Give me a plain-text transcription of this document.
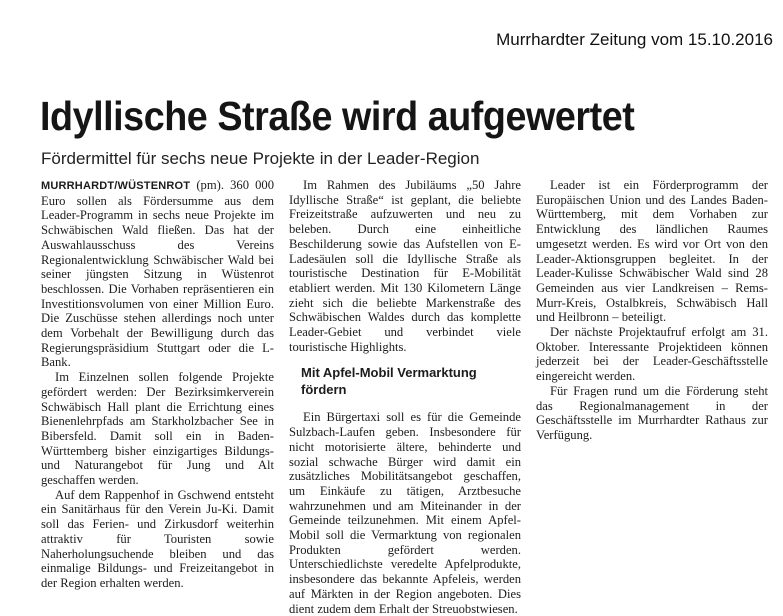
Murrhardter Zeitung vom 15.10.2016
Idyllische Straße wird aufgewertet
Fördermittel für sechs neue Projekte in der Leader-Region

MURRHARDT/WÜSTENROT (pm). 360 000 Euro sollen als Fördersumme aus dem Leader-Programm in sechs neue Projekte im Schwäbischen Wald fließen. Das hat der Auswahlausschuss des Vereins Regionalentwicklung Schwäbischer Wald bei seiner jüngsten Sitzung in Wüstenrot beschlossen. Die Vorhaben repräsentieren ein Investitionsvolumen von einer Million Euro. Die Zuschüsse stehen allerdings noch unter dem Vorbehalt der Bewilligung durch das Regierungspräsidium Stuttgart oder die L-Bank.

Im Einzelnen sollen folgende Projekte gefördert werden: Der Bezirksimkerverein Schwäbisch Hall plant die Errichtung eines Bienenlehrpfads am Starkholzbacher See in Bibersfeld. Damit soll ein in Baden-Württemberg bisher einzigartiges Bildungs- und Naturangebot für Jung und Alt geschaffen werden.

Auf dem Rappenhof in Gschwend entsteht ein Sanitärhaus für den Verein Ju-Ki. Damit soll das Ferien- und Zirkusdorf weiterhin attraktiv für Touristen sowie Naherholungsuchende bleiben und das einmalige Bildungs- und Freizeitangebot in der Region erhalten werden.

Im Rahmen des Jubiläums „50 Jahre Idyllische Straße“ ist geplant, die beliebte Freizeitstraße aufzuwerten und neu zu beleben. Durch eine einheitliche Beschilderung sowie das Aufstellen von E-Ladesäulen soll die Idyllische Straße als touristische Destination für E-Mobilität etabliert werden. Mit 130 Kilometern Länge zieht sich die beliebte Markenstraße des Schwäbischen Waldes durch das komplette Leader-Gebiet und verbindet viele touristische Highlights.

Mit Apfel-Mobil Vermarktung fördern

Ein Bürgertaxi soll es für die Gemeinde Sulzbach-Laufen geben. Insbesondere für nicht motorisierte ältere, behinderte und sozial schwache Bürger wird damit ein zusätzliches Mobilitätsangebot geschaffen, um Einkäufe zu tätigen, Arztbesuche wahrzunehmen und am Miteinander in der Gemeinde teilzunehmen. Mit einem Apfel-Mobil soll die Vermarktung von regionalen Produkten gefördert werden. Unterschiedlichste veredelte Apfelprodukte, insbesondere das bekannte Apfeleis, werden auf Märkten in der Region angeboten. Dies dient zudem dem Erhalt der Streuobstwiesen.

Leader ist ein Förderprogramm der Europäischen Union und des Landes Baden-Württemberg, mit dem Vorhaben zur Entwicklung des ländlichen Raumes umgesetzt werden. Es wird vor Ort von den Leader-Aktionsgruppen begleitet. In der Leader-Kulisse Schwäbischer Wald sind 28 Gemeinden aus vier Landkreisen – Rems-Murr-Kreis, Ostalbkreis, Schwäbisch Hall und Heilbronn – beteiligt.

Der nächste Projektaufruf erfolgt am 31. Oktober. Interessante Projektideen können jederzeit bei der Leader-Geschäftsstelle eingereicht werden.

Für Fragen rund um die Förderung steht das Regionalmanagement in der Geschäftsstelle im Murrhardter Rathaus zur Verfügung.
